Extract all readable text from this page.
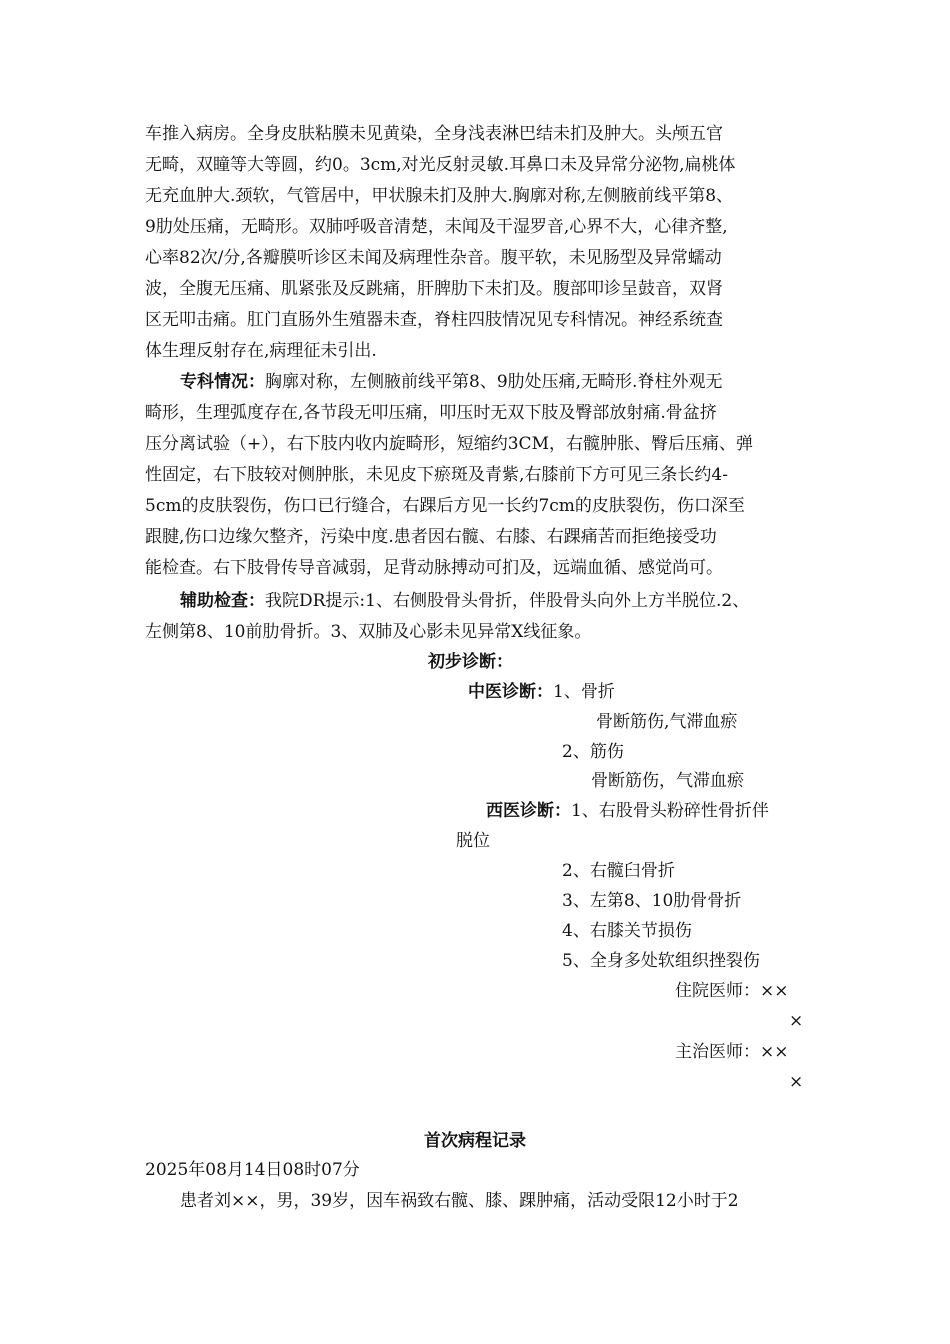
车推入病房。全身皮肤粘膜未见黄染，全身浅表淋巴结未扪及肿大。头颅五官
无畸，双瞳等大等圆，约0。3cm,对光反射灵敏.耳鼻口未及异常分泌物,扁桃体
无充血肿大.颈软，气管居中，甲状腺未扪及肿大.胸廓对称,左侧腋前线平第8、
9肋处压痛，无畸形。双肺呼吸音清楚，未闻及干湿罗音,心界不大，心律齐整,
心率82次/分,各瓣膜听诊区未闻及病理性杂音。腹平软，未见肠型及异常蠕动
波，全腹无压痛、肌紧张及反跳痛，肝脾肋下未扪及。腹部叩诊呈鼓音，双肾
区无叩击痛。肛门直肠外生殖器未查，脊柱四肢情况见专科情况。神经系统查
体生理反射存在,病理征未引出.
专科情况：胸廓对称，左侧腋前线平第8、9肋处压痛,无畸形.脊柱外观无
畸形，生理弧度存在,各节段无叩压痛，叩压时无双下肢及臀部放射痛.骨盆挤
压分离试验（+），右下肢内收内旋畸形，短缩约3CM，右髋肿胀、臀后压痛、弹
性固定，右下肢较对侧肿胀，未见皮下瘀斑及青紫,右膝前下方可见三条长约4-
5cm的皮肤裂伤，伤口已行缝合，右踝后方见一长约7cm的皮肤裂伤，伤口深至
跟腱,伤口边缘欠整齐，污染中度.患者因右髋、右膝、右踝痛苦而拒绝接受功
能检查。右下肢骨传导音减弱，足背动脉搏动可扪及，远端血循、感觉尚可。
辅助检查：我院DR提示:1、右侧股骨头骨折，伴股骨头向外上方半脱位.2、
左侧第8、10前肋骨折。3、双肺及心影未见异常X线征象。
初步诊断：
中医诊断：1、骨折
骨断筋伤,气滞血瘀
2、筋伤
骨断筋伤，气滞血瘀
西医诊断：1、右股骨头粉碎性骨折伴
脱位
2、右髋臼骨折
3、左第8、10肋骨骨折
4、右膝关节损伤
5、全身多处软组织挫裂伤
住院医师：××
×
主治医师：××
×
首次病程记录
2025年08月14日08时07分
患者刘××，男，39岁，因车祸致右髋、膝、踝肿痛，活动受限12小时于2
